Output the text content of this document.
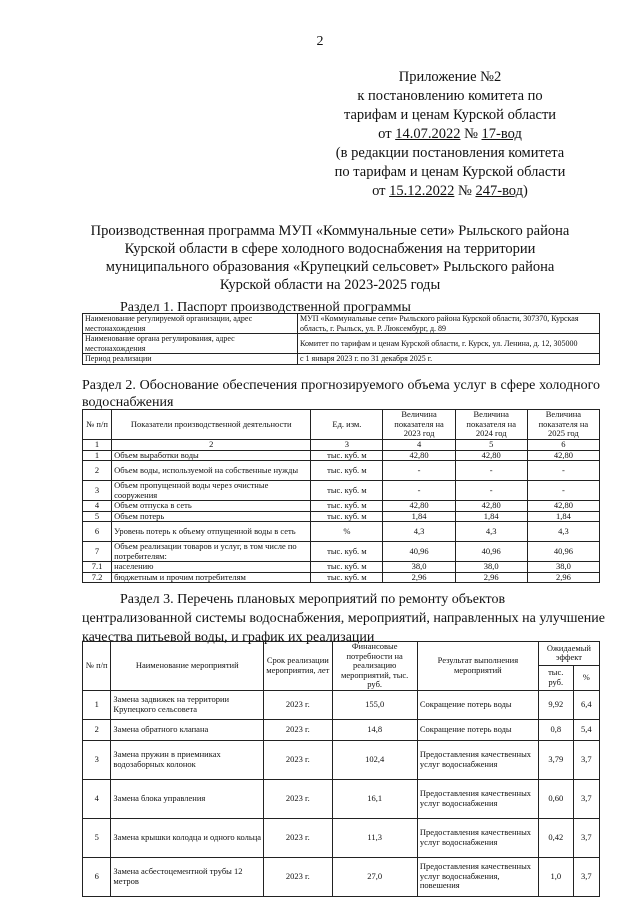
2
Приложение №2
к постановлению комитета по
тарифам и ценам Курской области
от 14.07.2022 № 17-вод
(в редакции постановления комитета
по тарифам и ценам Курской области
от 15.12.2022 № 247-вод)
Производственная программа МУП «Коммунальные сети» Рыльского района
Курской области в сфере холодного водоснабжения на территории
муниципального образования «Крупецкий сельсовет» Рыльского района
Курской области на 2023-2025 годы
Раздел 1. Паспорт производственной программы
Наименование регулируемой организации, адрес местонахождения	МУП «Коммунальные сети» Рыльского района Курской области, 307370, Курская область, г. Рыльск, ул. Р. Люксембург, д. 89
Наименование органа регулирования, адрес местонахождения	Комитет по тарифам и ценам Курской области, г. Курск, ул. Ленина, д. 12, 305000
Период реализации	с 1 января 2023 г. по 31 декабря 2025 г.
Раздел 2. Обоснование обеспечения прогнозируемого объема услуг в сфере холодного водоснабжения
№ п/п	Показатели производственной деятельности	Ед. изм.	Величина показателя на 2023 год	Величина показателя на 2024 год	Величина показателя на 2025 год
1	2	3	4	5	6
1	Объем выработки воды	тыс. куб. м	42,80	42,80	42,80
2	Объем воды, используемой на собственные нужды	тыс. куб. м	-	-	-
3	Объем пропущенной воды через очистные сооружения	тыс. куб. м	-	-	-
4	Объем отпуска в сеть	тыс. куб. м	42,80	42,80	42,80
5	Объем потерь	тыс. куб. м	1,84	1,84	1,84
6	Уровень потерь к объему отпущенной воды в сеть	%	4,3	4,3	4,3
7	Объем реализации товаров и услуг, в том числе по потребителям:	тыс. куб. м	40,96	40,96	40,96
7.1	населению	тыс. куб. м	38,0	38,0	38,0
7.2	бюджетным и прочим потребителям	тыс. куб. м	2,96	2,96	2,96
Раздел 3. Перечень плановых мероприятий по ремонту объектов
централизованной системы водоснабжения, мероприятий, направленных на улучшение
качества питьевой воды, и график их реализации
№ п/п	Наименование мероприятий	Срок реализации мероприятия, лет	Финансовые потребности на реализацию мероприятий, тыс. руб.	Результат выполнения мероприятий	Ожидаемый эффект	
					тыс. руб.	%
1	Замена задвижек на территории Крупецкого сельсовета	2023 г.	155,0	Сокращение потерь воды	9,92	6,4
2	Замена обратного клапана	2023 г.	14,8	Сокращение потерь воды	0,8	5,4
3	Замена пружин в приемниках водозаборных колонок	2023 г.	102,4	Предоставления качественных услуг водоснабжения	3,79	3,7
4	Замена блока управления	2023 г.	16,1	Предоставления качественных услуг водоснабжения	0,60	3,7
5	Замена крышки колодца и одного кольца	2023 г.	11,3	Предоставления качественных услуг водоснабжения	0,42	3,7
6	Замена асбестоцементной трубы 12 метров	2023 г.	27,0	Предоставления качественных услуг водоснабжения, повешения	1,0	3,7
